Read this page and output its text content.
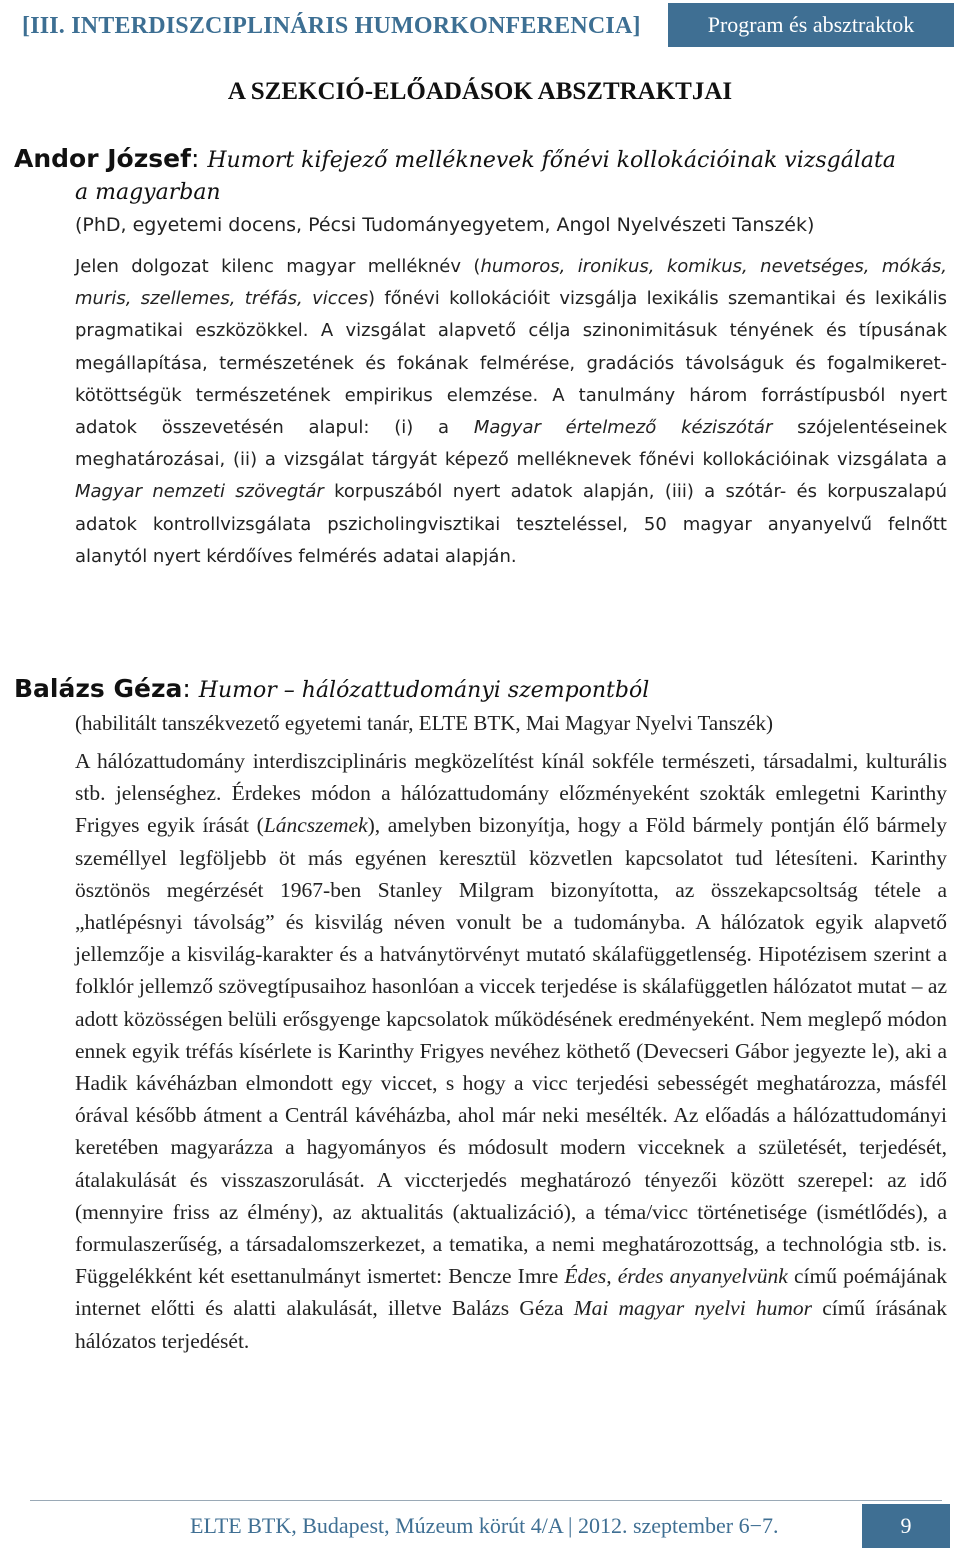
[III. INTERDISZCIPLINÁRIS HUMORKONFERENCIA]	Program és absztraktok
A SZEKCIÓ-ELŐADÁSOK ABSZTRAKTJAI
Andor József: Humort kifejező melléknevek főnévi kollokációinak vizsgálata
a magyarban
(PhD, egyetemi docens, Pécsi Tudományegyetem, Angol Nyelvészeti Tanszék)
Jelen dolgozat kilenc magyar melléknév (humoros, ironikus, komikus, nevetséges, mókás, muris, szellemes, tréfás, vicces) főnévi kollokációit vizsgálja lexikális szemantikai és lexikális pragmatikai eszközökkel. A vizsgálat alapvető célja szinonimitásuk tényének és típusának megállapítása, természetének és fokának felmérése, gradációs távolságuk és fogalmikeret-kötöttségük természetének empirikus elemzése. A tanulmány három forrástípusból nyert adatok összevetésén alapul: (i) a Magyar értelmező kéziszótár szójelentéseinek meghatározásai, (ii) a vizsgálat tárgyát képező melléknevek főnévi kollokációinak vizsgálata a Magyar nemzeti szövegtár korpuszából nyert adatok alapján, (iii) a szótár- és korpuszalapú adatok kontrollvizsgálata pszicholingvisztikai teszteléssel, 50 magyar anyanyelvű felnőtt alanytól nyert kérdőíves felmérés adatai alapján.
Balázs Géza: Humor – hálózattudományi szempontból
(habilitált tanszékvezető egyetemi tanár, ELTE BTK, Mai Magyar Nyelvi Tanszék)
A hálózattudomány interdiszciplináris megközelítést kínál sokféle természeti, társadalmi, kulturális stb. jelenséghez. Érdekes módon a hálózattudomány előzményeként szokták emlegetni Karinthy Frigyes egyik írását (Láncszemek), amelyben bizonyítja, hogy a Föld bármely pontján élő bármely személlyel legföljebb öt más egyénen keresztül közvetlen kapcsolatot tud létesíteni. Karinthy ösztönös megérzését 1967-ben Stanley Milgram bizonyította, az összekapcsoltság tétele a „hatlépésnyi távolság” és kisvilág néven vonult be a tudományba. A hálózatok egyik alapvető jellemzője a kisvilág-karakter és a hatványtörvényt mutató skálafüggetlenség. Hipotézisem szerint a folklór jellemző szövegtípusaihoz hasonlóan a viccek terjedése is skálafüggetlen hálózatot mutat – az adott közösségen belüli erősgyenge kapcsolatok működésének eredményeként. Nem meglepő módon ennek egyik tréfás kísérlete is Karinthy Frigyes nevéhez köthető (Devecseri Gábor jegyezte le), aki a Hadik kávéházban elmondott egy viccet, s hogy a vicc terjedési sebességét meghatározza, másfél órával később átment a Centrál kávéházba, ahol már neki mesélték. Az előadás a hálózattudományi keretében magyarázza a hagyományos és módosult modern vicceknek a születését, terjedését, átalakulását és visszaszorulását. A viccterjedés meghatározó tényezői között szerepel: az idő (mennyire friss az élmény), az aktualitás (aktualizáció), a téma/vicc történetisége (ismétlődés), a formulaszerűség, a társadalomszerkezet, a tematika, a nemi meghatározottság, a technológia stb. is. Függelékként két esettanulmányt ismertet: Bencze Imre Édes, érdes anyanyelvünk című poémájának internet előtti és alatti alakulását, illetve Balázs Géza Mai magyar nyelvi humor című írásának hálózatos terjedését.
ELTE BTK, Budapest, Múzeum körút 4/A | 2012. szeptember 6−7.	9
